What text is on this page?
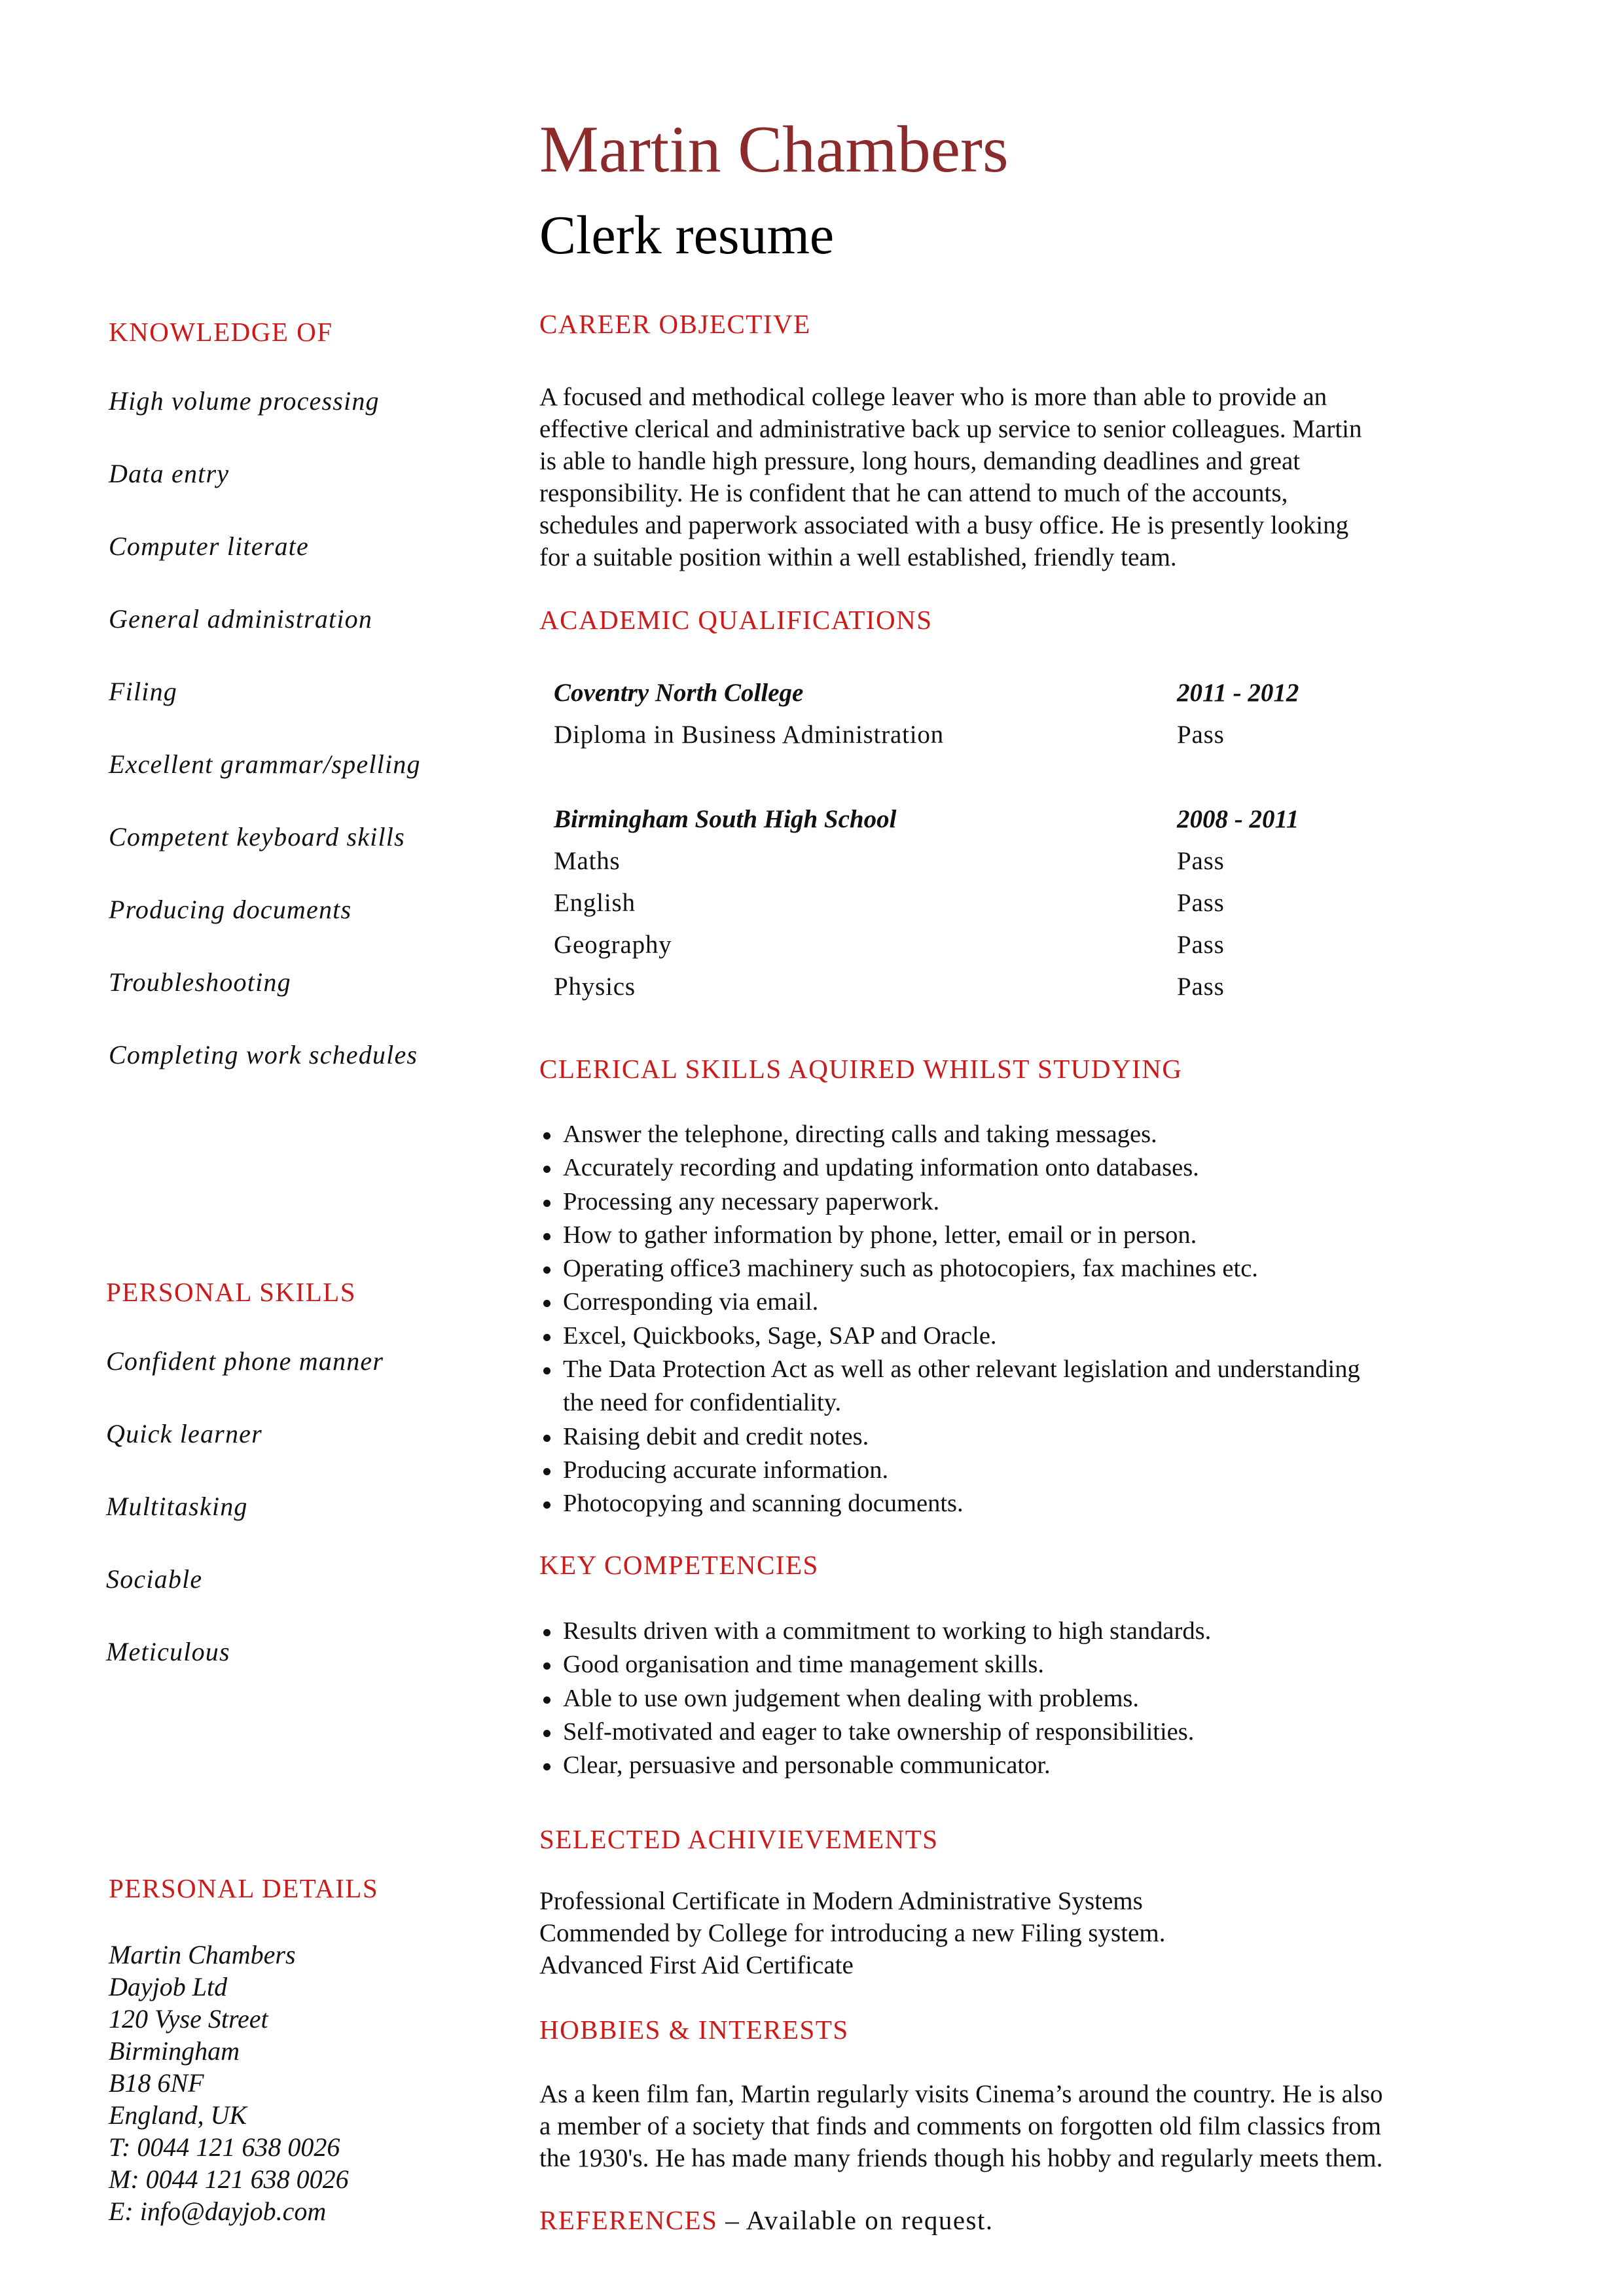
Martin Chambers
Clerk resume
KNOWLEDGE OF
High volume processing
Data entry
Computer literate
General administration
Filing
Excellent grammar/spelling
Competent keyboard skills
Producing documents
Troubleshooting
Completing work schedules
PERSONAL SKILLS
Confident phone manner
Quick learner
Multitasking
Sociable
Meticulous
PERSONAL DETAILS
Martin Chambers
Dayjob Ltd
120 Vyse Street
Birmingham
B18 6NF
England, UK
T: 0044 121 638 0026
M: 0044 121 638 0026
E: info@dayjob.com
CAREER OBJECTIVE

A focused and methodical college leaver who is more than able to provide an

effective clerical and administrative back up service to senior colleagues. Martin

is able to handle high pressure, long hours, demanding deadlines and great

responsibility. He is confident that he can attend to much of the accounts,

schedules and paperwork associated with a busy office. He is presently looking

for a suitable position within a well established, friendly team.

ACADEMIC QUALIFICATIONS
Coventry North College	2011 - 2012
Diploma in Business Administration	Pass
Birmingham South High School	2008 - 2011
Maths	Pass
English	Pass
Geography	Pass
Physics	Pass
CLERICAL SKILLS AQUIRED WHILST STUDYING
Answer the telephone, directing calls and taking messages.
Accurately recording and updating information onto databases.
Processing any necessary paperwork.
How to gather information by phone, letter, email or in person.
Operating office3 machinery such as photocopiers, fax machines etc.
Corresponding via email.
Excel, Quickbooks, Sage, SAP and Oracle.
The Data Protection Act as well as other relevant legislation and understanding
the need for confidentiality.
Raising debit and credit notes.
Producing accurate information.
Photocopying and scanning documents.
KEY COMPETENCIES
Results driven with a commitment to working to high standards.
Good organisation and time management skills.
Able to use own judgement when dealing with problems.
Self-motivated and eager to take ownership of responsibilities.
Clear, persuasive and personable communicator.
SELECTED ACHIVIEVEMENTS

Professional Certificate in Modern Administrative Systems

Commended by College for introducing a new Filing system.

Advanced First Aid Certificate

HOBBIES & INTERESTS

As a keen film fan, Martin regularly visits Cinema’s around the country. He is also

a member of a society that finds and comments on forgotten old film classics from

the 1930's. He has made many friends though his hobby and regularly meets them.

REFERENCES – Available on request.
